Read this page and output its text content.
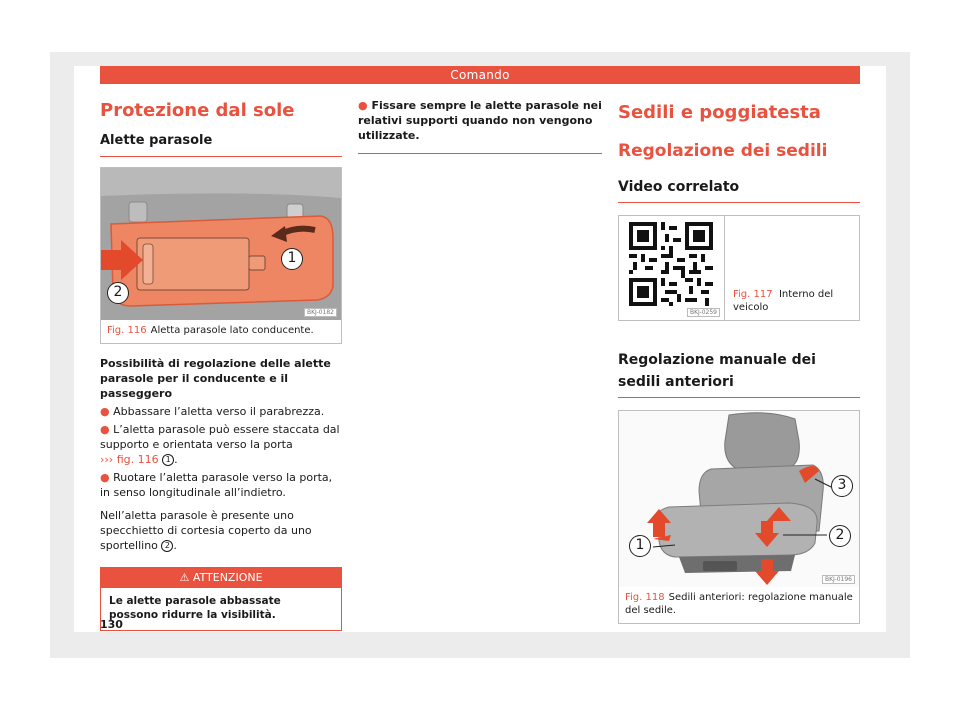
Comando
Protezione dal sole
Alette parasole
1
2
BKJ-0182
Fig. 116 Aletta parasole lato conducente.
Possibilità di regolazione delle alette parasole per il conducente e il passeggero
● Abbassare l’aletta verso il parabrezza.
● L’aletta parasole può essere staccata dal supporto e orientata verso la porta
››› fig. 116 1 .
● Ruotare l’aletta parasole verso la porta, in senso longitudinale all’indietro.
Nell’aletta parasole è presente uno specchietto di cortesia coperto da uno sportellino 2 .
⚠ ATTENZIONE
Le alette parasole abbassate possono ridurre la visibilità.
● Fissare sempre le alette parasole nei relativi supporti quando non vengono utilizzate.
Sedili e poggiatesta
Regolazione dei sedili
Video correlato
BKJ-0259
Fig. 117 Interno del veicolo
Regolazione manuale dei sedili anteriori
3
2
1
BKJ-0196
Fig. 118 Sedili anteriori: regolazione manuale del sedile.
130
